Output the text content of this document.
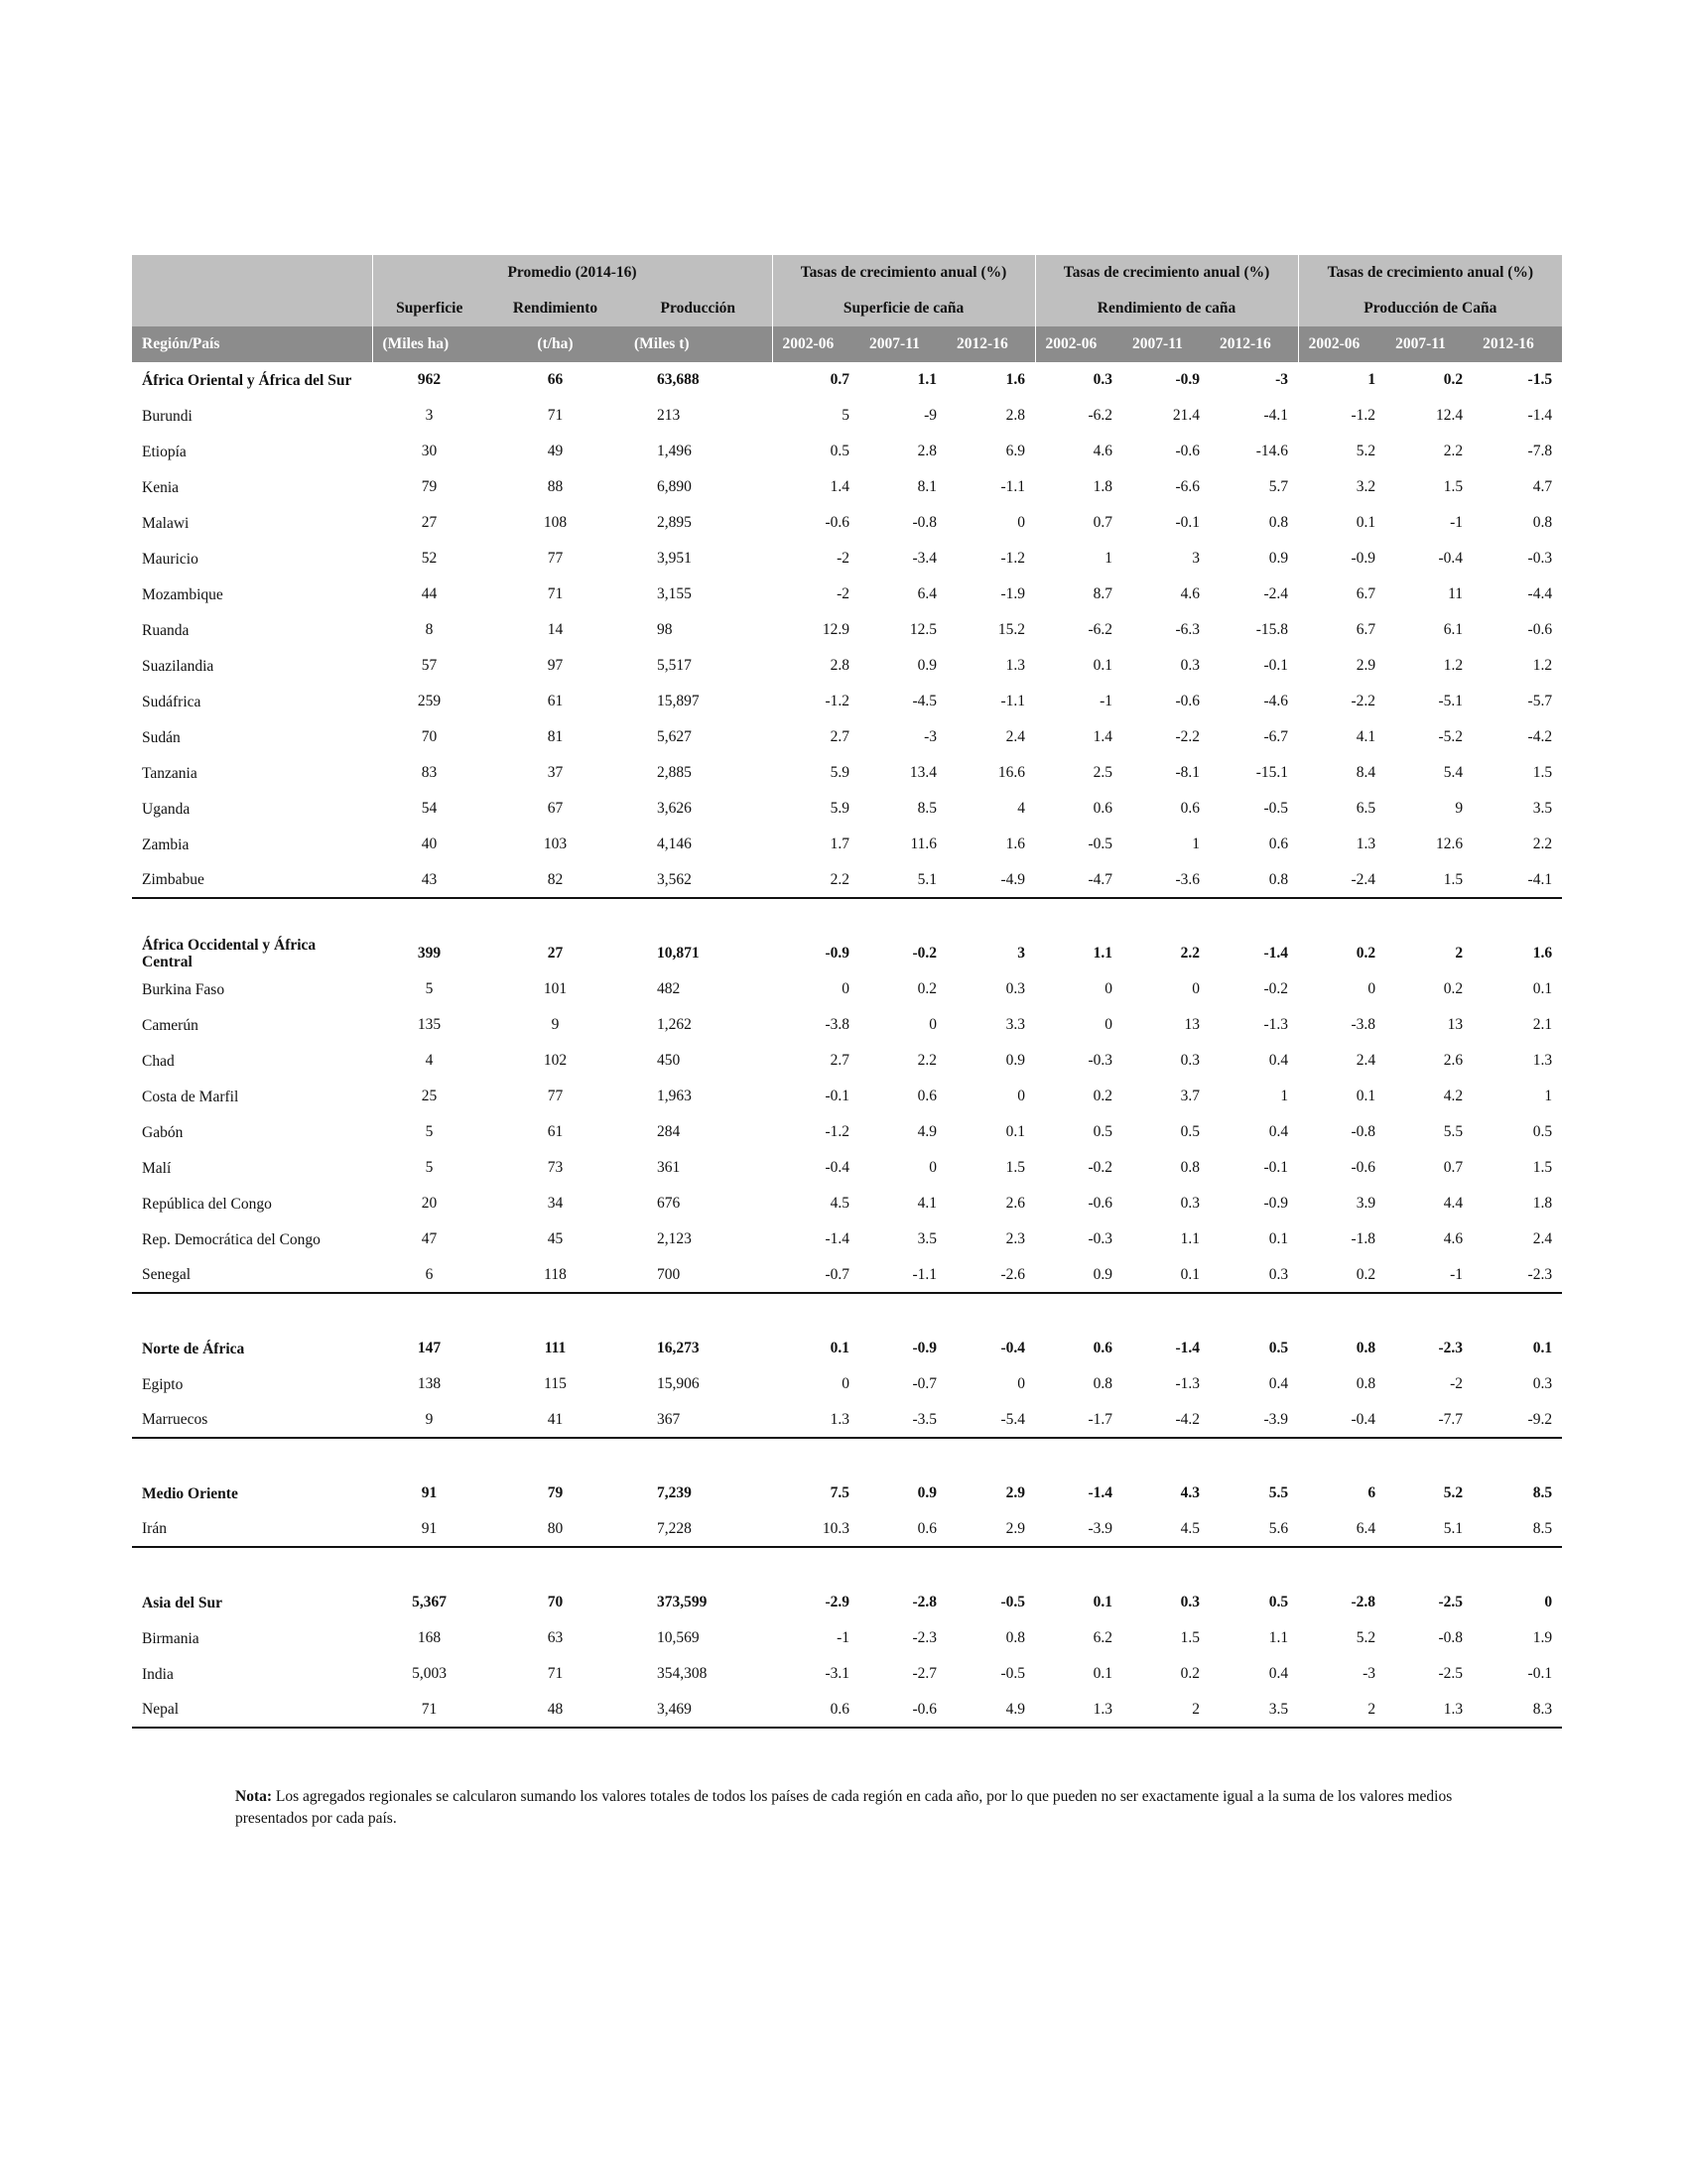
	Promedio (2014-16)			Tasas de crecimiento anual (%)			Tasas de crecimiento anual (%)			Tasas de crecimiento anual (%)		
	Superficie	Rendimiento	Producción	Superficie de caña			Rendimiento de caña			Producción de Caña		
Región/País	(Miles ha)	(t/ha)	(Miles t)	2002-06	2007-11	2012-16	2002-06	2007-11	2012-16	2002-06	2007-11	2012-16
África Oriental y África del Sur	962	66	63,688	0.7	1.1	1.6	0.3	-0.9	-3	1	0.2	-1.5
Burundi	3	71	213	5	-9	2.8	-6.2	21.4	-4.1	-1.2	12.4	-1.4
Etiopía	30	49	1,496	0.5	2.8	6.9	4.6	-0.6	-14.6	5.2	2.2	-7.8
Kenia	79	88	6,890	1.4	8.1	-1.1	1.8	-6.6	5.7	3.2	1.5	4.7
Malawi	27	108	2,895	-0.6	-0.8	0	0.7	-0.1	0.8	0.1	-1	0.8
Mauricio	52	77	3,951	-2	-3.4	-1.2	1	3	0.9	-0.9	-0.4	-0.3
Mozambique	44	71	3,155	-2	6.4	-1.9	8.7	4.6	-2.4	6.7	11	-4.4
Ruanda	8	14	98	12.9	12.5	15.2	-6.2	-6.3	-15.8	6.7	6.1	-0.6
Suazilandia	57	97	5,517	2.8	0.9	1.3	0.1	0.3	-0.1	2.9	1.2	1.2
Sudáfrica	259	61	15,897	-1.2	-4.5	-1.1	-1	-0.6	-4.6	-2.2	-5.1	-5.7
Sudán	70	81	5,627	2.7	-3	2.4	1.4	-2.2	-6.7	4.1	-5.2	-4.2
Tanzania	83	37	2,885	5.9	13.4	16.6	2.5	-8.1	-15.1	8.4	5.4	1.5
Uganda	54	67	3,626	5.9	8.5	4	0.6	0.6	-0.5	6.5	9	3.5
Zambia	40	103	4,146	1.7	11.6	1.6	-0.5	1	0.6	1.3	12.6	2.2
Zimbabue	43	82	3,562	2.2	5.1	-4.9	-4.7	-3.6	0.8	-2.4	1.5	-4.1

África Occidental y África Central	399	27	10,871	-0.9	-0.2	3	1.1	2.2	-1.4	0.2	2	1.6
Burkina Faso	5	101	482	0	0.2	0.3	0	0	-0.2	0	0.2	0.1
Camerún	135	9	1,262	-3.8	0	3.3	0	13	-1.3	-3.8	13	2.1
Chad	4	102	450	2.7	2.2	0.9	-0.3	0.3	0.4	2.4	2.6	1.3
Costa de Marfil	25	77	1,963	-0.1	0.6	0	0.2	3.7	1	0.1	4.2	1
Gabón	5	61	284	-1.2	4.9	0.1	0.5	0.5	0.4	-0.8	5.5	0.5
Malí	5	73	361	-0.4	0	1.5	-0.2	0.8	-0.1	-0.6	0.7	1.5
República del Congo	20	34	676	4.5	4.1	2.6	-0.6	0.3	-0.9	3.9	4.4	1.8
Rep. Democrática del Congo	47	45	2,123	-1.4	3.5	2.3	-0.3	1.1	0.1	-1.8	4.6	2.4
Senegal	6	118	700	-0.7	-1.1	-2.6	0.9	0.1	0.3	0.2	-1	-2.3

Norte de África	147	111	16,273	0.1	-0.9	-0.4	0.6	-1.4	0.5	0.8	-2.3	0.1
Egipto	138	115	15,906	0	-0.7	0	0.8	-1.3	0.4	0.8	-2	0.3
Marruecos	9	41	367	1.3	-3.5	-5.4	-1.7	-4.2	-3.9	-0.4	-7.7	-9.2

Medio Oriente	91	79	7,239	7.5	0.9	2.9	-1.4	4.3	5.5	6	5.2	8.5
Irán	91	80	7,228	10.3	0.6	2.9	-3.9	4.5	5.6	6.4	5.1	8.5

Asia del Sur	5,367	70	373,599	-2.9	-2.8	-0.5	0.1	0.3	0.5	-2.8	-2.5	0
Birmania	168	63	10,569	-1	-2.3	0.8	6.2	1.5	1.1	5.2	-0.8	1.9
India	5,003	71	354,308	-3.1	-2.7	-0.5	0.1	0.2	0.4	-3	-2.5	-0.1
Nepal	71	48	3,469	0.6	-0.6	4.9	1.3	2	3.5	2	1.3	8.3

Nota: Los agregados regionales se calcularon sumando los valores totales de todos los países de cada región en cada año, por lo que pueden no ser exactamente igual a la suma de los valores medios presentados por cada país.
